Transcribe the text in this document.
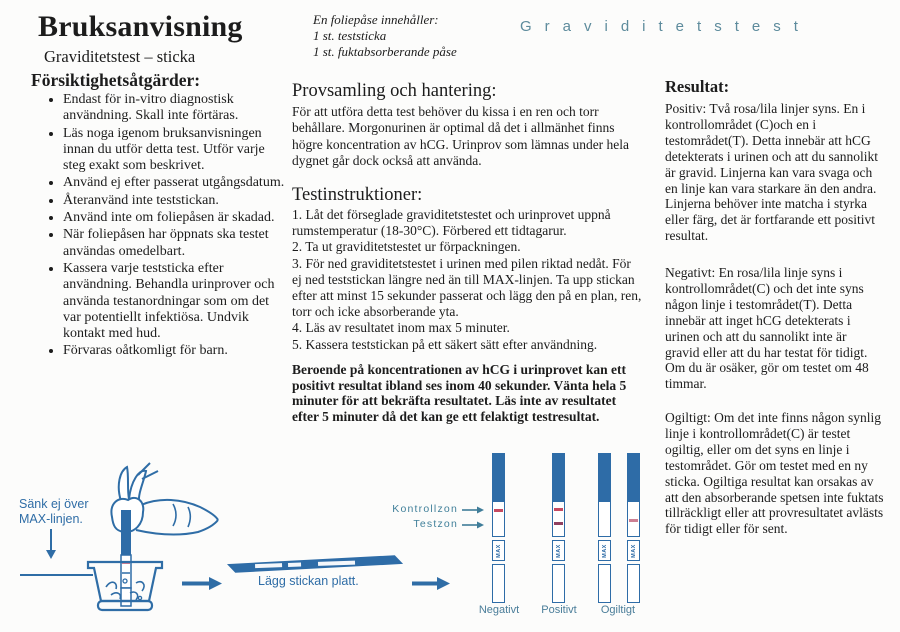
Bruksanvisning
Graviditetstest – sticka
Graviditetstest
En foliepåse innehåller:
1 st. teststicka
1 st. fuktabsorberande påse
Försiktighetsåtgärder:
• Endast för in-vitro diagnostisk användning. Skall inte förtäras.
• Läs noga igenom bruksanvisningen innan du utför detta test. Utför varje steg exakt som beskrivet.
• Använd ej efter passerat utgångsdatum.
• Återanvänd inte teststickan.
• Använd inte om foliepåsen är skadad.
• När foliepåsen har öppnats ska testet användas omedelbart.
• Kassera varje teststicka efter användning. Behandla urinprover och använda testanordningar som om det var potentiellt infektiösa. Undvik kontakt med hud.
• Förvaras oåtkomligt för barn.
Provsamling och hantering:
För att utföra detta test behöver du kissa i en ren och torr behållare. Morgonurinen är optimal då det i allmänhet finns högre koncentration av hCG. Urinprov som lämnas under hela dygnet går dock också att använda.
Testinstruktioner:

1. Låt det förseglade graviditetstestet och urinprovet uppnå rumstemperatur (18-30°C). Förbered ett tidtagarur.

2. Ta ut graviditetstestet ur förpackningen.

3. För ned graviditetstestet i urinen med pilen riktad nedåt. För ej ned teststickan längre ned än till MAX-linjen. Ta upp stickan efter att minst 15 sekunder passerat och lägg den på en plan, ren, torr och icke absorberande yta.

4. Läs av resultatet inom max 5 minuter.

5. Kassera teststickan på ett säkert sätt efter användning.

Beroende på koncentrationen av hCG i urinprovet kan ett positivt resultat ibland ses inom 40 sekunder. Vänta hela 5 minuter för att bekräfta resultatet. Läs inte av resultatet efter 5 minuter då det kan ge ett felaktigt testresultat.
Resultat:
Positiv: Två rosa/lila linjer syns. En i kontrollområdet (C)och en i testområdet(T). Detta innebär att hCG detekterats i urinen och att du sannolikt är gravid. Linjerna kan vara svaga och en linje kan vara starkare än den andra. Linjerna behöver inte matcha i styrka eller färg, det är fortfarande ett positivt resultat.
Negativt: En rosa/lila linje syns i kontrollområdet(C) och det inte syns någon linje i testområdet(T). Detta innebär att inget hCG detekterats i urinen och att du sannolikt inte är gravid eller att du har testat för tidigt. Om du är osäker, gör om testet om 48 timmar.
Ogiltigt: Om det inte finns någon synlig linje i kontrollområdet(C) är testet ogiltig, eller om det syns en linje i testområdet. Gör om testet med en ny sticka. Ogiltiga resultat kan orsakas av att den absorberande spetsen inte fuktats tillräckligt eller att provresultatet avlästs för tidigt eller för sent.
Sänk ej över
MAX-linjen.
Lägg stickan platt.
Kontrollzon
Testzon
MAX	MAX	MAX	MAX
Negativt Positivt Ogiltigt
